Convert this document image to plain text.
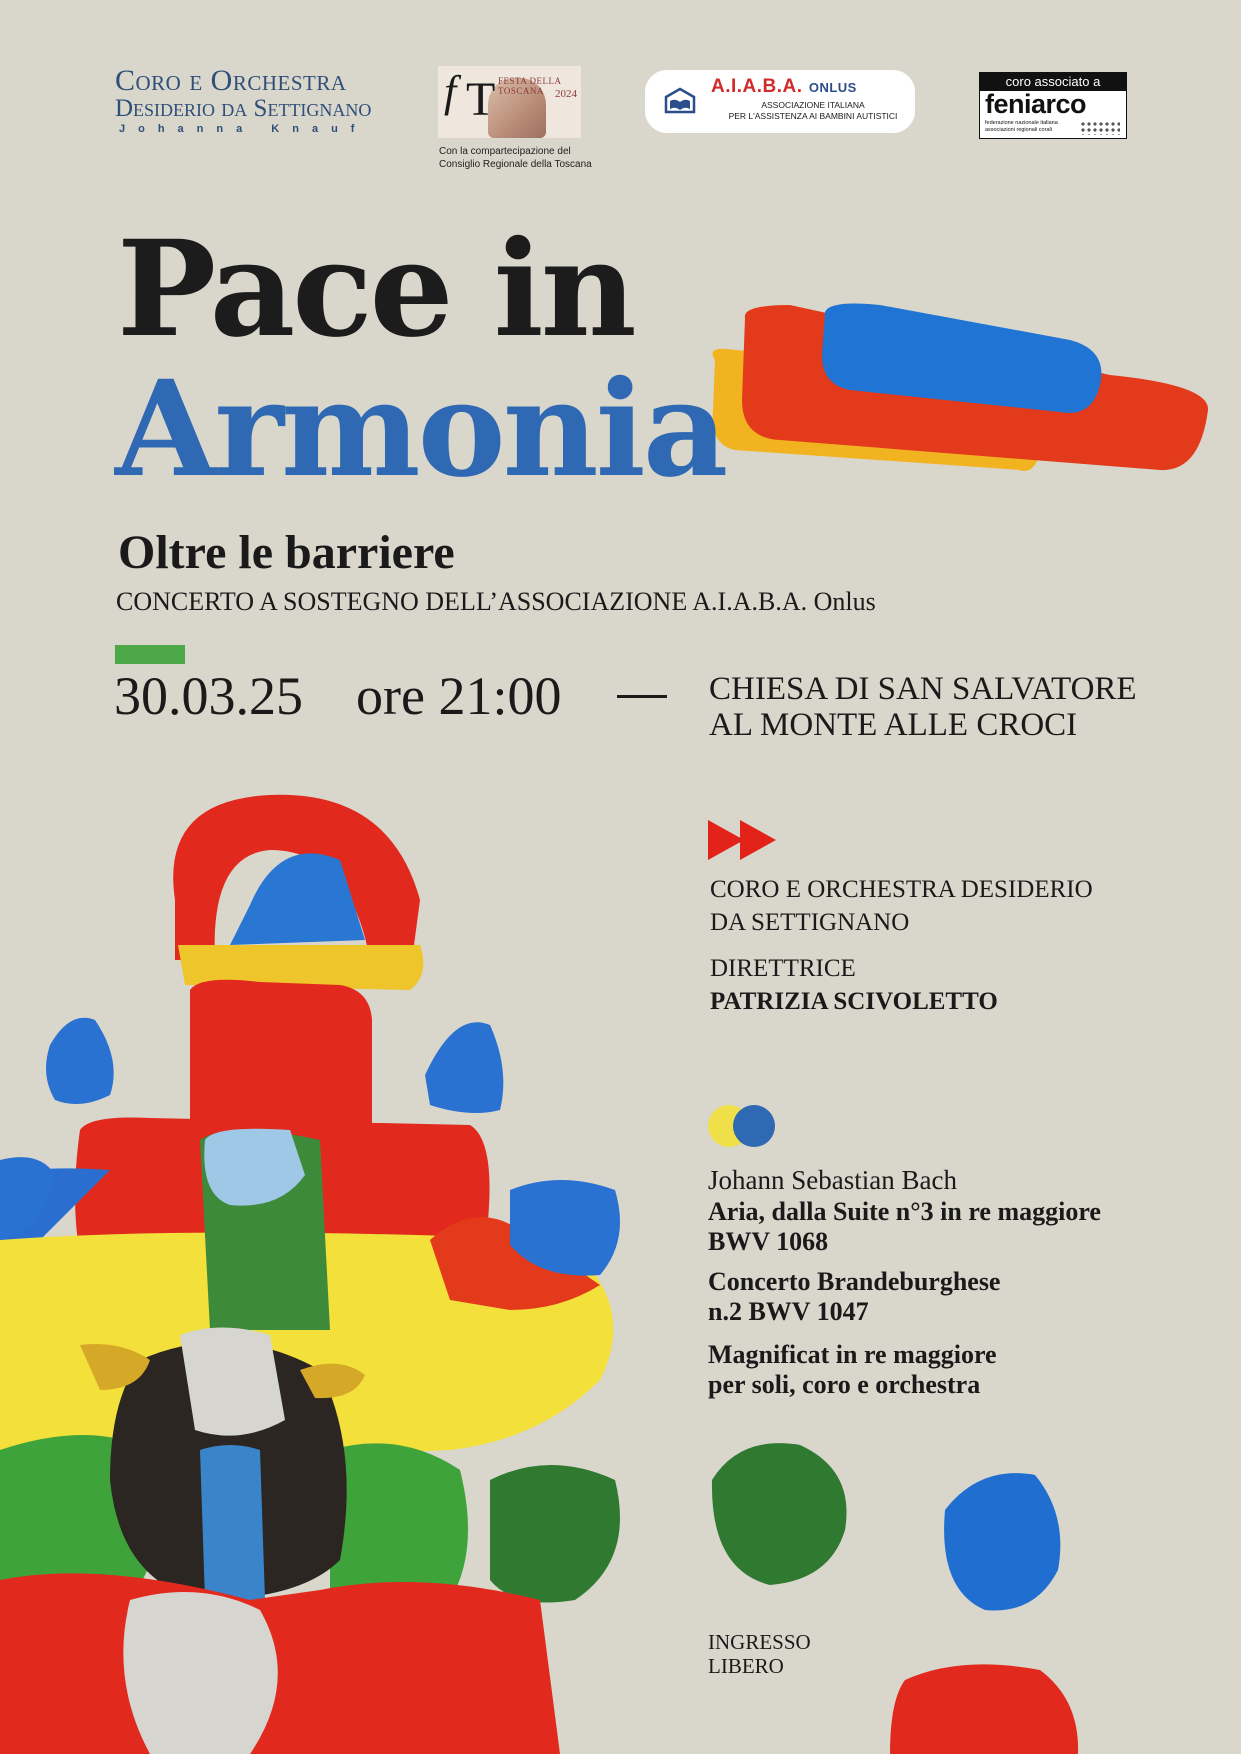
Coro e Orchestra
Desiderio da Settignano
Johanna Knauf
f T FESTA DELLA TOSCANA	2024
Con la compartecipazione del
Consiglio Regionale della Toscana
A.I.A.B.A. ONLUS
ASSOCIAZIONE ITALIANA
PER L'ASSISTENZA AI BAMBINI AUTISTICI
coro associato a
feniarco
federazione nazionale italiana
associazioni regionali corali
Pace in
Armonia
Oltre le barriere
CONCERTO A SOSTEGNO DELL’ASSOCIAZIONE A.I.A.B.A. Onlus
30.03.25 ore 21:00	CHIESA DI SAN SALVATORE
AL MONTE ALLE CROCI
CORO E ORCHESTRA DESIDERIO
DA SETTIGNANO
DIRETTRICE
PATRIZIA SCIVOLETTO
Johann Sebastian Bach
Aria, dalla Suite n°3 in re maggiore
BWV 1068
Concerto Brandeburghese
n.2 BWV 1047
Magnificat in re maggiore
per soli, coro e orchestra
INGRESSO
LIBERO
